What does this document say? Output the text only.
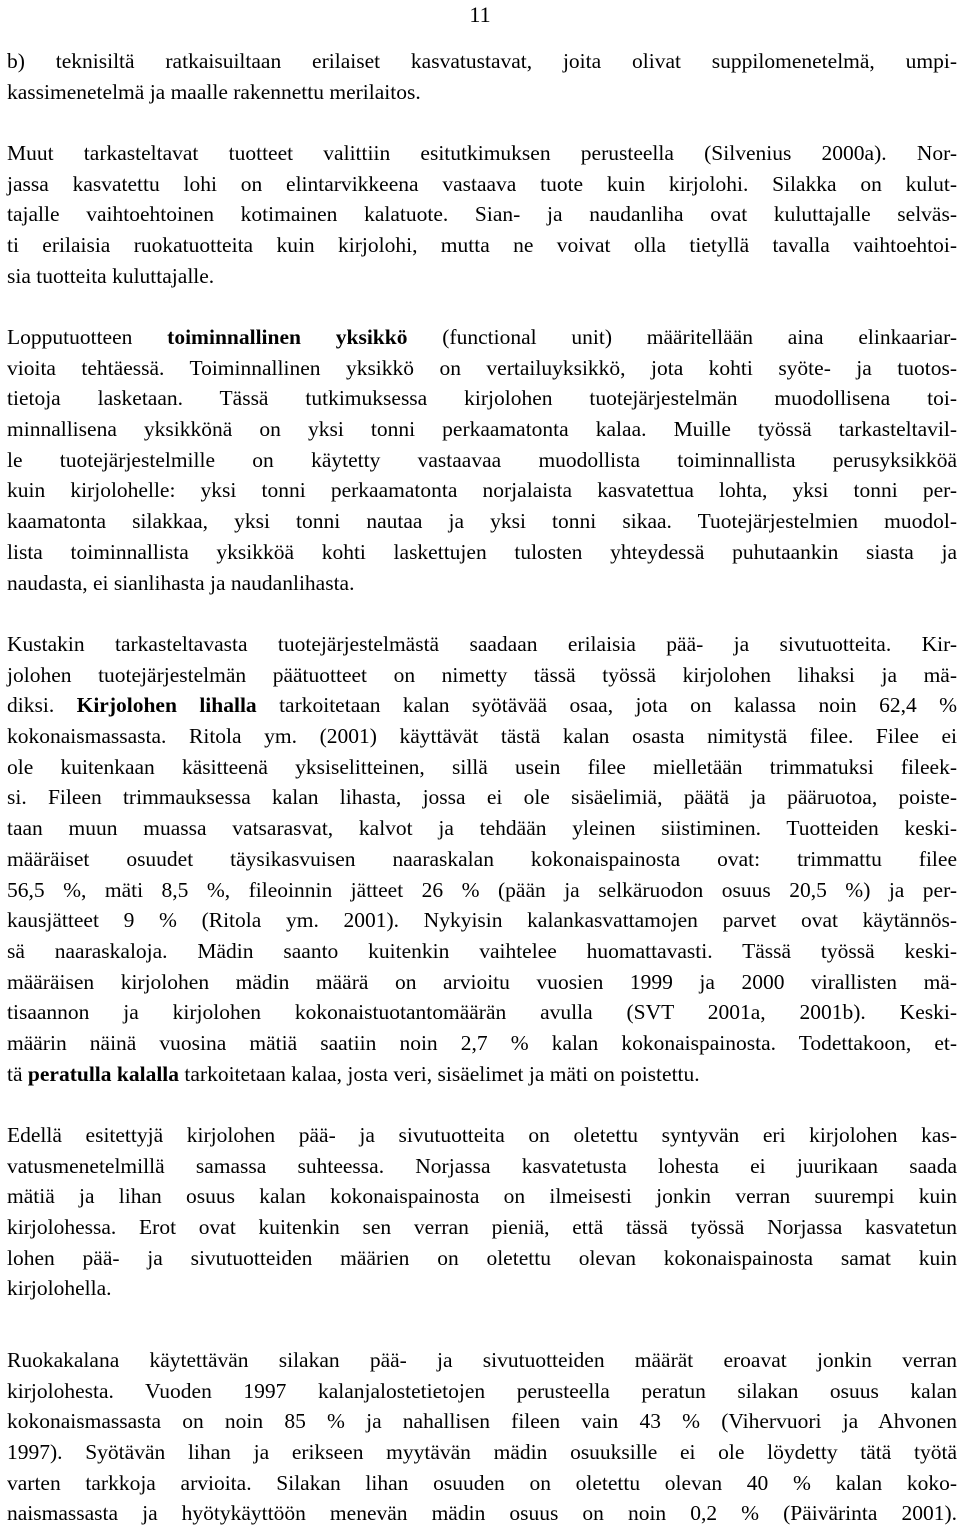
11
b) teknisiltä ratkaisuiltaan erilaiset kasvatustavat, joita olivat suppilomenetelmä, umpi-
kassimenetelmä ja maalle rakennettu merilaitos.
Muut tarkasteltavat tuotteet valittiin esitutkimuksen perusteella (Silvenius 2000a). Nor-
jassa kasvatettu lohi on elintarvikkeena vastaava tuote kuin kirjolohi. Silakka on kulut-
tajalle vaihtoehtoinen kotimainen kalatuote. Sian- ja naudanliha ovat kuluttajalle selväs-
ti erilaisia ruokatuotteita kuin kirjolohi, mutta ne voivat olla tietyllä tavalla vaihtoehtoi-
sia tuotteita kuluttajalle.
Lopputuotteen toiminnallinen yksikkö (functional unit) määritellään aina elinkaariar-
vioita tehtäessä. Toiminnallinen yksikkö on vertailuyksikkö, jota kohti syöte- ja tuotos-
tietoja lasketaan. Tässä tutkimuksessa kirjolohen tuotejärjestelmän muodollisena toi-
minnallisena yksikkönä on yksi tonni perkaamatonta kalaa. Muille työssä tarkasteltavil-
le tuotejärjestelmille on käytetty vastaavaa muodollista toiminnallista perusyksikköä
kuin kirjolohelle: yksi tonni perkaamatonta norjalaista kasvatettua lohta, yksi tonni per-
kaamatonta silakkaa, yksi tonni nautaa ja yksi tonni sikaa. Tuotejärjestelmien muodol-
lista toiminnallista yksikköä kohti laskettujen tulosten yhteydessä puhutaankin siasta ja
naudasta, ei sianlihasta ja naudanlihasta.
Kustakin tarkasteltavasta tuotejärjestelmästä saadaan erilaisia pää- ja sivutuotteita. Kir-
jolohen tuotejärjestelmän päätuotteet on nimetty tässä työssä kirjolohen lihaksi ja mä-
diksi. Kirjolohen lihalla tarkoitetaan kalan syötävää osaa, jota on kalassa noin 62,4 %
kokonaismassasta. Ritola ym. (2001) käyttävät tästä kalan osasta nimitystä filee. Filee ei
ole kuitenkaan käsitteenä yksiselitteinen, sillä usein filee mielletään trimmatuksi fileek-
si. Fileen trimmauksessa kalan lihasta, jossa ei ole sisäelimiä, päätä ja pääruotoa, poiste-
taan muun muassa vatsarasvat, kalvot ja tehdään yleinen siistiminen. Tuotteiden keski-
määräiset osuudet täysikasvuisen naaraskalan kokonaispainosta ovat: trimmattu filee
56,5 %, mäti 8,5 %, fileoinnin jätteet 26 % (pään ja selkäruodon osuus 20,5 %) ja per-
kausjätteet 9 % (Ritola ym. 2001). Nykyisin kalankasvattamojen parvet ovat käytännös-
sä naaraskaloja. Mädin saanto kuitenkin vaihtelee huomattavasti. Tässä työssä keski-
määräisen kirjolohen mädin määrä on arvioitu vuosien 1999 ja 2000 virallisten mä-
tisaannon ja kirjolohen kokonaistuotantomäärän avulla (SVT 2001a, 2001b). Keski-
määrin näinä vuosina mätiä saatiin noin 2,7 % kalan kokonaispainosta. Todettakoon, et-
tä peratulla kalalla tarkoitetaan kalaa, josta veri, sisäelimet ja mäti on poistettu.
Edellä esitettyjä kirjolohen pää- ja sivutuotteita on oletettu syntyvän eri kirjolohen kas-
vatusmenetelmillä samassa suhteessa. Norjassa kasvatetusta lohesta ei juurikaan saada
mätiä ja lihan osuus kalan kokonaispainosta on ilmeisesti jonkin verran suurempi kuin
kirjolohessa. Erot ovat kuitenkin sen verran pieniä, että tässä työssä Norjassa kasvatetun
lohen pää- ja sivutuotteiden määrien on oletettu olevan kokonaispainosta samat kuin
kirjolohella.
Ruokakalana käytettävän silakan pää- ja sivutuotteiden määrät eroavat jonkin verran
kirjolohesta. Vuoden 1997 kalanjalostetietojen perusteella peratun silakan osuus kalan
kokonaismassasta on noin 85 % ja nahallisen fileen vain 43 % (Vihervuori ja Ahvonen
1997). Syötävän lihan ja erikseen myytävän mädin osuuksille ei ole löydetty tätä työtä
varten tarkkoja arvioita. Silakan lihan osuuden on oletettu olevan 40 % kalan koko-
naismassasta ja hyötykäyttöön menevän mädin osuus on noin 0,2 % (Päivärinta 2001).
